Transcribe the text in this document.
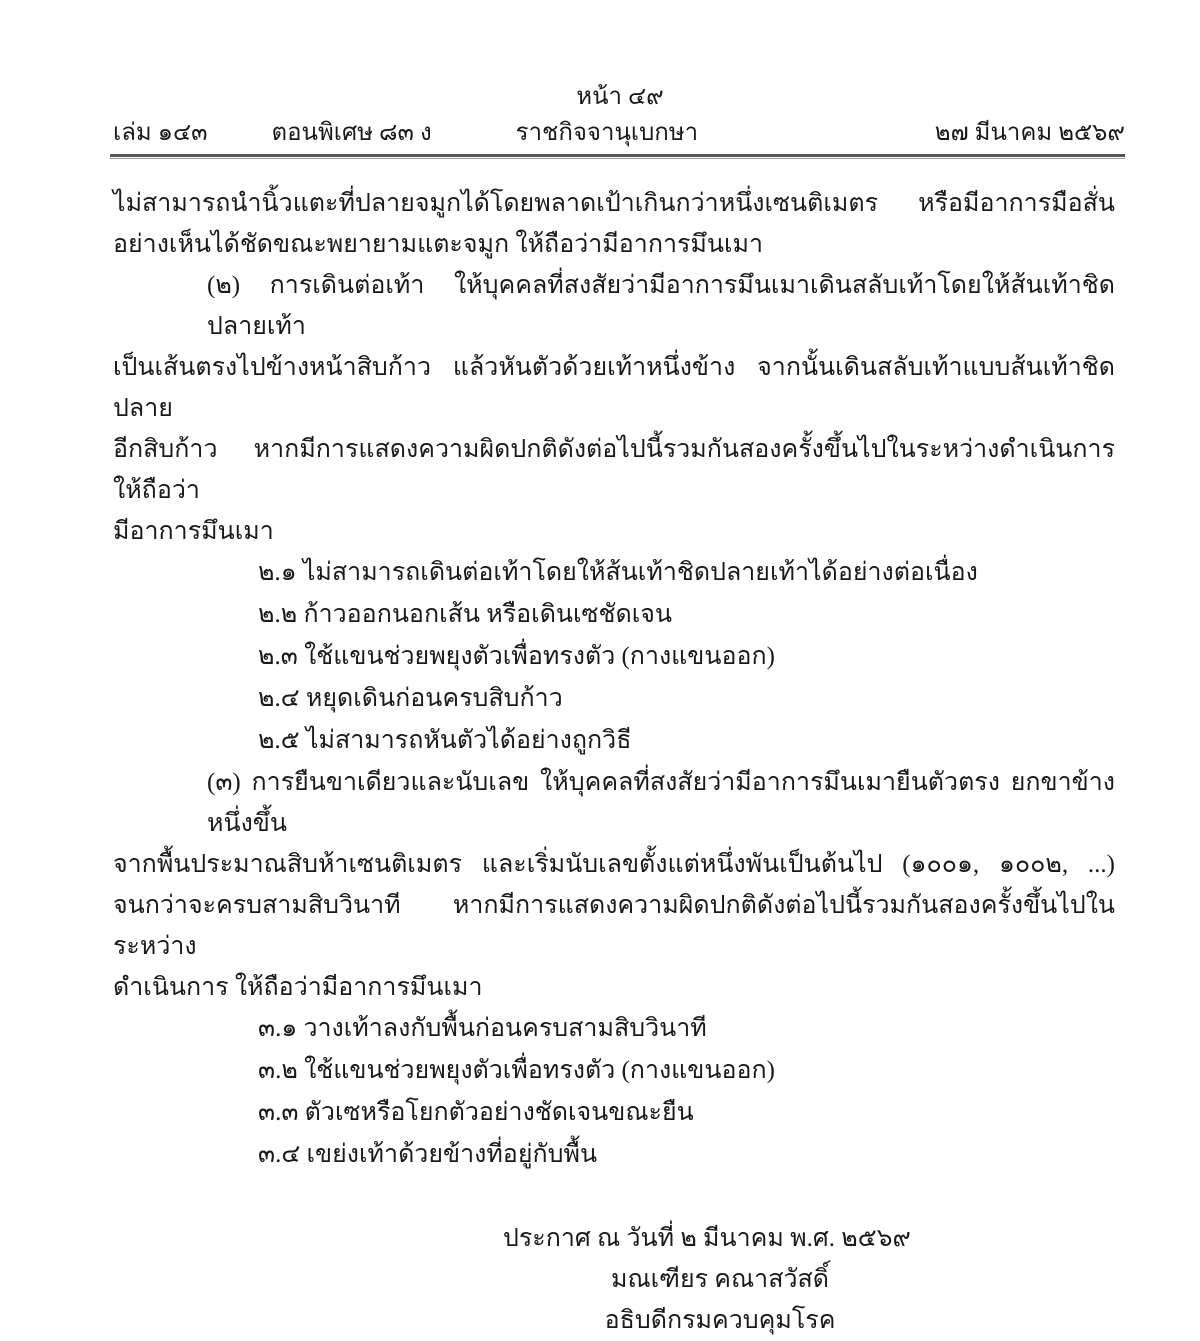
หน้า ๔๙
เล่ม ๑๔๓	ตอนพิเศษ ๘๓ ง	ราชกิจจานุเบกษา	๒๗ มีนาคม ๒๕๖๙
ไม่สามารถนำนิ้วแตะที่ปลายจมูกได้โดยพลาดเป้าเกินกว่าหนึ่งเซนติเมตร หรือมีอาการมือสั่น
อย่างเห็นได้ชัดขณะพยายามแตะจมูก ให้ถือว่ามีอาการมึนเมา
(๒) การเดินต่อเท้า ให้บุคคลที่สงสัยว่ามีอาการมึนเมาเดินสลับเท้าโดยให้ส้นเท้าชิดปลายเท้า
เป็นเส้นตรงไปข้างหน้าสิบก้าว แล้วหันตัวด้วยเท้าหนึ่งข้าง จากนั้นเดินสลับเท้าแบบส้นเท้าชิดปลาย
อีกสิบก้าว หากมีการแสดงความผิดปกติดังต่อไปนี้รวมกันสองครั้งขึ้นไปในระหว่างดำเนินการ ให้ถือว่า
มีอาการมึนเมา
๒.๑ ไม่สามารถเดินต่อเท้าโดยให้ส้นเท้าชิดปลายเท้าได้อย่างต่อเนื่อง
๒.๒ ก้าวออกนอกเส้น หรือเดินเซชัดเจน
๒.๓ ใช้แขนช่วยพยุงตัวเพื่อทรงตัว (กางแขนออก)
๒.๔ หยุดเดินก่อนครบสิบก้าว
๒.๕ ไม่สามารถหันตัวได้อย่างถูกวิธี
(๓) การยืนขาเดียวและนับเลข ให้บุคคลที่สงสัยว่ามีอาการมึนเมายืนตัวตรง ยกขาข้างหนึ่งขึ้น
จากพื้นประมาณสิบห้าเซนติเมตร และเริ่มนับเลขตั้งแต่หนึ่งพันเป็นต้นไป (๑๐๐๑, ๑๐๐๒, ...)
จนกว่าจะครบสามสิบวินาที หากมีการแสดงความผิดปกติดังต่อไปนี้รวมกันสองครั้งขึ้นไปในระหว่าง
ดำเนินการ ให้ถือว่ามีอาการมึนเมา
๓.๑ วางเท้าลงกับพื้นก่อนครบสามสิบวินาที
๓.๒ ใช้แขนช่วยพยุงตัวเพื่อทรงตัว (กางแขนออก)
๓.๓ ตัวเซหรือโยกตัวอย่างชัดเจนขณะยืน
๓.๔ เขย่งเท้าด้วยข้างที่อยู่กับพื้น
ประกาศ ณ วันที่ ๒ มีนาคม พ.ศ. ๒๕๖๙
มณเฑียร คณาสวัสดิ์
อธิบดีกรมควบคุมโรค
